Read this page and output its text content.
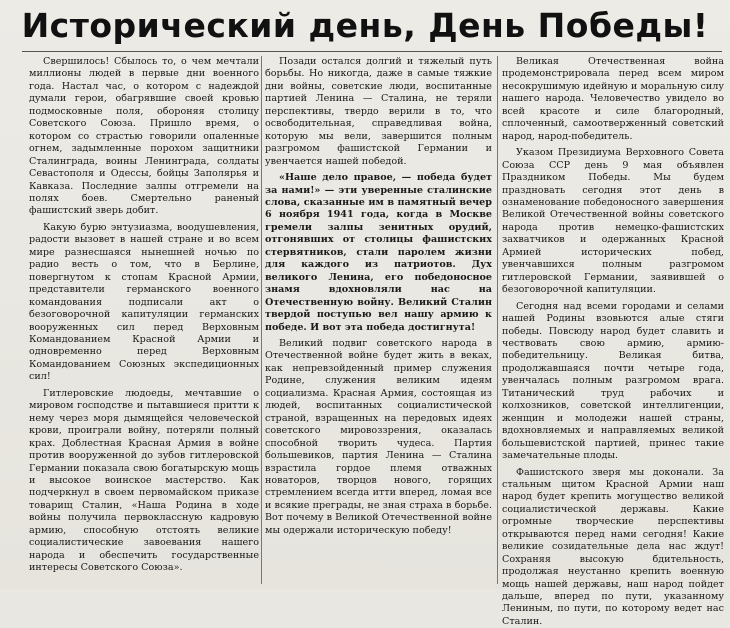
Исторический день, День Победы!

Свершилось! Сбылось то, о чем мечтали миллионы людей в первые дни военного года. Настал час, о котором с надеждой думали герои, обагрявшие своей кровью подмосковные поля, обороняя столицу Советского Союза. Пришло время, о котором со страстью говорили опаленные огнем, задымленные порохом защитники Сталинграда, воины Ленинграда, солдаты Севастополя и Одессы, бойцы Заполярья и Кавказа. Последние залпы отгремели на полях боев. Смертельно раненый фашистский зверь добит.

Какую бурю энтузиазма, воодушевления, радости вызовет в нашей стране и во всем мире разнесшаяся нынешней ночью по радио весть о том, что в Берлине, повергнутом к стопам Красной Армии, представители германского военного командования подписали акт о безоговорочной капитуляции германских вооруженных сил перед Верховным Командованием Красной Армии и одновременно перед Верховным Командованием Союзных экспедиционных сил!

Гитлеровские людоеды, мечтавшие о мировом господстве и пытавшиеся притти к нему через моря дымящейся человеческой крови, проиграли войну, потеряли полный крах. Доблестная Красная Армия в войне против вооруженной до зубов гитлеровской Германии показала свою богатырскую мощь и высокое воинское мастерство. Как подчеркнул в своем первомайском приказе товарищ Сталин, «Наша Родина в ходе войны получила первоклассную кадровую армию, способную отстоять великие социалистические завоевания нашего народа и обеспечить государственные интересы Советского Союза».

Позади остался долгий и тяжелый путь борьбы. Но никогда, даже в самые тяжкие дни войны, советские люди, воспитанные партией Ленина — Сталина, не теряли перспективы, твердо верили в то, что освободительная, справедливая война, которую мы вели, завершится полным разгромом фашистской Германии и увенчается нашей победой.

«Наше дело правое, — победа будет за нами!» — эти уверенные сталинские слова, сказанные им в памятный вечер 6 ноября 1941 года, когда в Москве гремели залпы зенитных орудий, отгонявших от столицы фашистских стервятников, стали паролем жизни для каждого из патриотов. Дух великого Ленина, его победоносное знамя вдохновляли нас на Отечественную войну. Великий Сталин твердой поступью вел нашу армию к победе. И вот эта победа достигнута!

Великий подвиг советского народа в Отечественной войне будет жить в веках, как непревзойденный пример служения Родине, служения великим идеям социализма. Красная Армия, состоящая из людей, воспитанных социалистической страной, взращенных на передовых идеях советского мировоззрения, оказалась способной творить чудеса. Партия большевиков, партия Ленина — Сталина взрастила гордое племя отважных новаторов, творцов нового, горящих стремлением всегда итти вперед, ломая все и всякие преграды, не зная страха в борьбе. Вот почему в Великой Отечественной войне мы одержали историческую победу!

Великая Отечественная война продемонстрировала перед всем миром несокрушимую идейную и моральную силу нашего народа. Человечество увидело во всей красоте и силе благородный, сплоченный, самоотверженный советский народ, народ-победитель.

Указом Президиума Верховного Совета Союза ССР день 9 мая объявлен Праздником Победы. Мы будем праздновать сегодня этот день в ознаменование победоносного завершения Великой Отечественной войны советского народа против немецко-фашистских захватчиков и одержанных Красной Армией исторических побед, увенчавшихся полным разгромом гитлеровской Германии, заявившей о безоговорочной капитуляции.

Сегодня над всеми городами и селами нашей Родины взовьются алые стяги победы. Повсюду народ будет славить и чествовать свою армию, армию-победительницу. Великая битва, продолжавшаяся почти четыре года, увенчалась полным разгромом врага. Титанический труд рабочих и колхозников, советской интеллигенции, женщин и молодежи нашей страны, вдохновляемых и направляемых великой большевистской партией, принес такие замечательные плоды.

Фашистского зверя мы доконали. За стальным щитом Красной Армии наш народ будет крепить могущество великой социалистической державы. Какие огромные творческие перспективы открываются перед нами сегодня! Какие великие созидательные дела нас ждут! Сохраняя высокую бдительность, продолжая неустанно крепить военную мощь нашей державы, наш народ пойдет дальше, вперед по пути, указанному Лениным, по пути, по которому ведет нас Сталин.
